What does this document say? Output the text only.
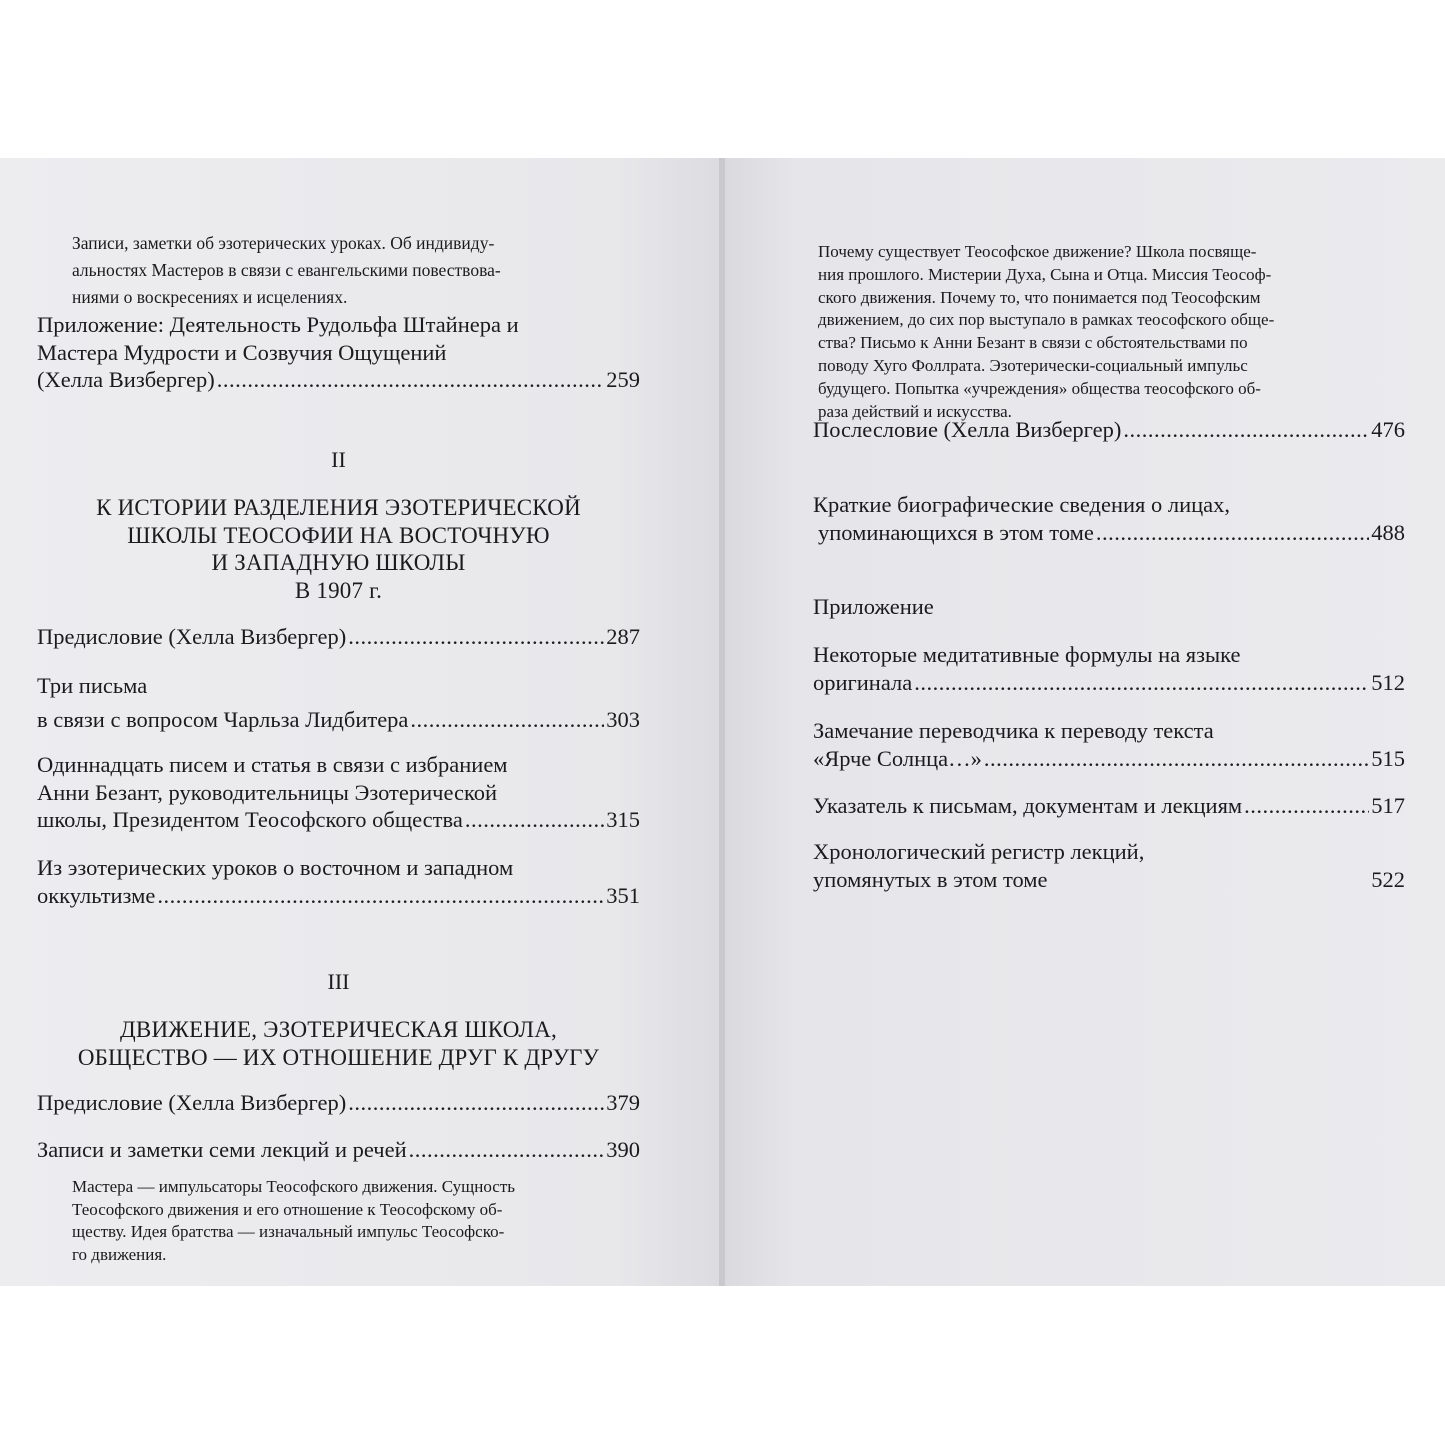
Записи, заметки об эзотерических уроках. Об индивиду-
альностях Мастеров в связи с евангельскими повествова-
ниями о воскресениях и исцелениях.
Приложение: Деятельность Рудольфа Штайнера и
Мастера Мудрости и Созвучия Ощущений
(Хелла Визбергер) .....	259
II
К ИСТОРИИ РАЗДЕЛЕНИЯ ЭЗОТЕРИЧЕСКОЙ
ШКОЛЫ ТЕОСОФИИ НА ВОСТОЧНУЮ
И ЗАПАДНУЮ ШКОЛЫ
В 1907 г.
Предисловие (Хелла Визбергер) .....	287
Три письма
в связи с вопросом Чарльза Лидбитера .....	303
Одиннадцать писем и статья в связи с избранием
Анни Безант, руководительницы Эзотерической
школы, Президентом Теософского общества .....	315
Из эзотерических уроков о восточном и западном
оккультизме .....	351
III
ДВИЖЕНИЕ, ЭЗОТЕРИЧЕСКАЯ ШКОЛА,
ОБЩЕСТВО — ИХ ОТНОШЕНИЕ ДРУГ К ДРУГУ
Предисловие (Хелла Визбергер) .....	379
Записи и заметки семи лекций и речей .....	390
Мастера — импульсаторы Теософского движения. Сущность
Теософского движения и его отношение к Теософскому об-
ществу. Идея братства — изначальный импульс Теософско-
го движения.
Почему существует Теософское движение? Школа посвяще-
ния прошлого. Мистерии Духа, Сына и Отца. Миссия Теософ-
ского движения. Почему то, что понимается под Теософским
движением, до сих пор выступало в рамках теософского обще-
ства? Письмо к Анни Безант в связи с обстоятельствами по
поводу Хуго Фоллрата. Эзотерически-социальный импульс
будущего. Попытка «учреждения» общества теософского об-
раза действий и искусства.
Послесловие (Хелла Визбергер) .....	476
Краткие биографические сведения о лицах,
упоминающихся в этом томе .....	488
Приложение
Некоторые медитативные формулы на языке
оригинала .....	512
Замечание переводчика к переводу текста
«Ярче Солнца…» .....	515
Указатель к письмам, документам и лекциям .....	517
Хронологический регистр лекций,
упомянутых в этом томе	522
